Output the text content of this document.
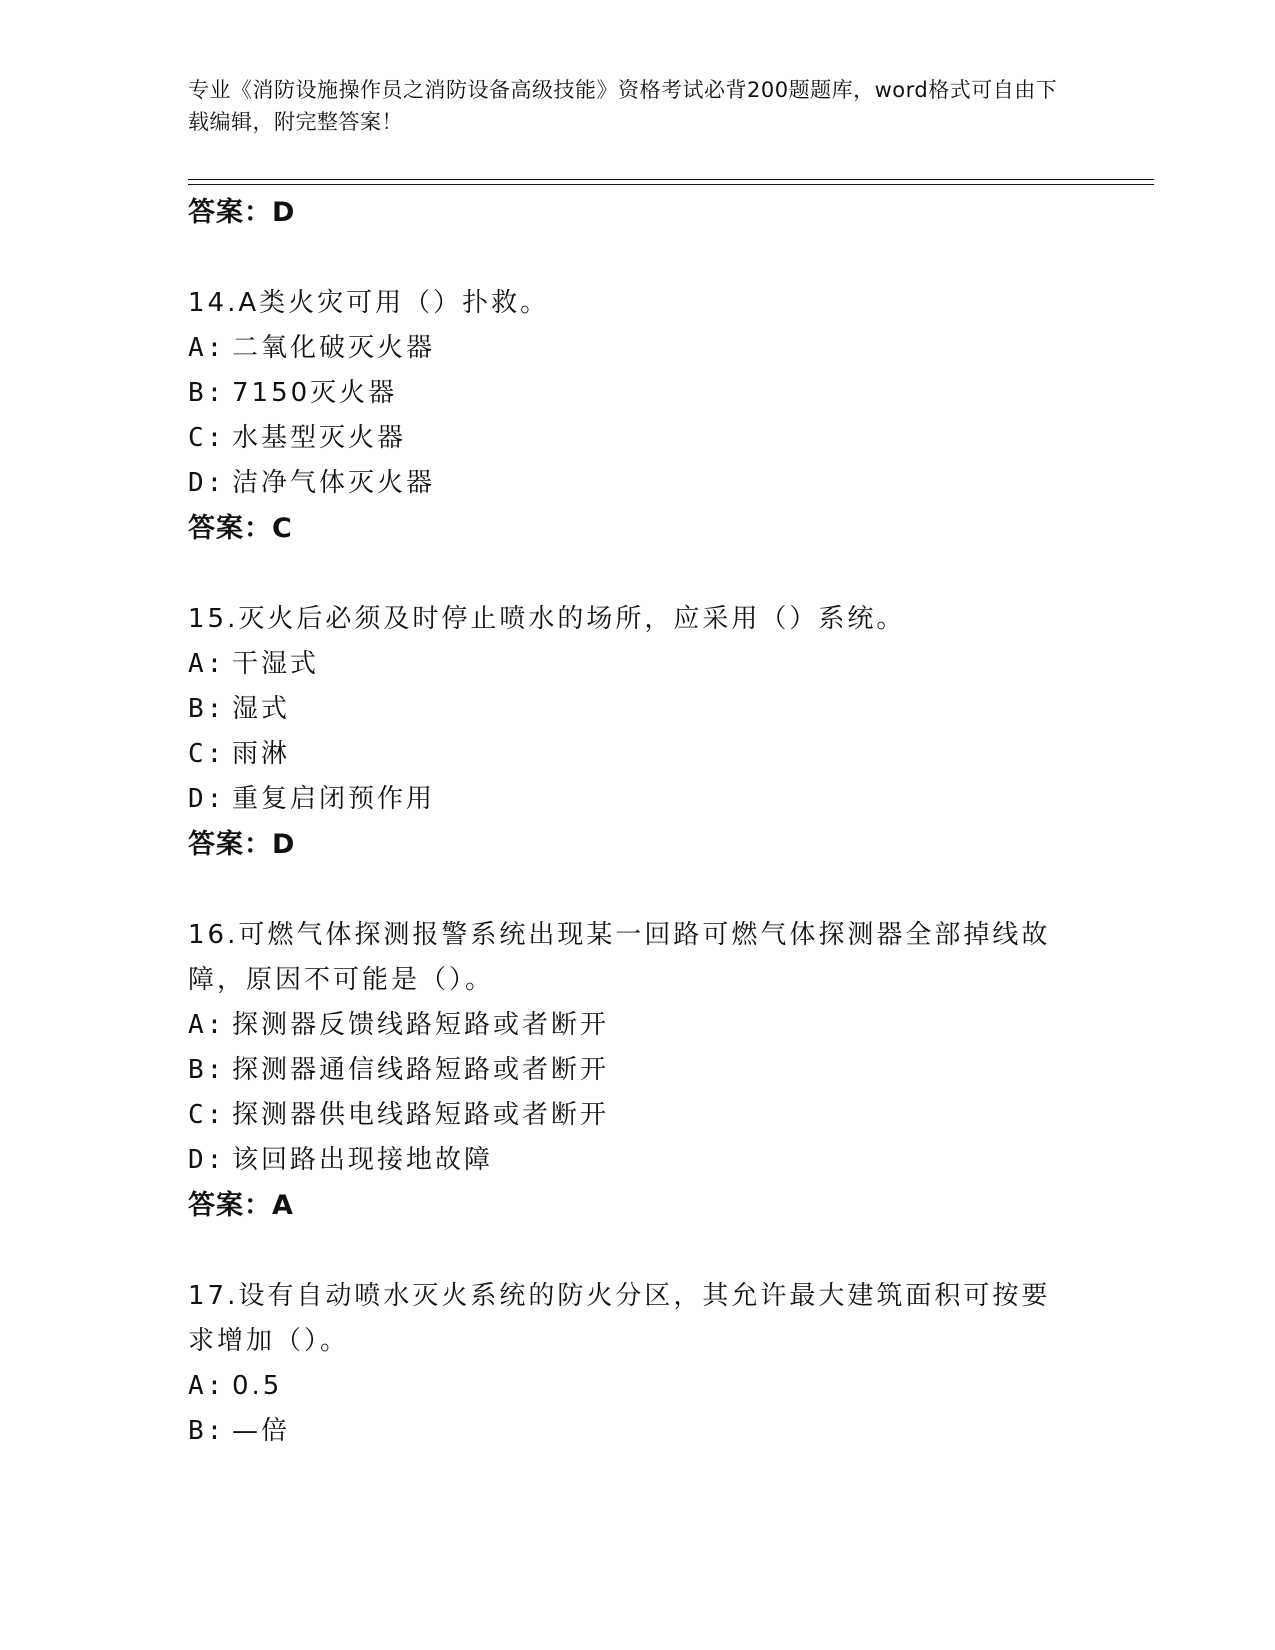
专业《消防设施操作员之消防设备高级技能》资格考试必背200题题库，word格式可自由下载编辑，附完整答案！
答案：D
14.A类火灾可用（）扑救。
A: 二氧化破灭火器
B: 7150灭火器
C: 水基型灭火器
D: 洁净气体灭火器
答案：C
15.灭火后必须及时停止喷水的场所，应采用（）系统。
A: 干湿式
B: 湿式
C: 雨淋
D: 重复启闭预作用
答案：D
16.可燃气体探测报警系统出现某一回路可燃气体探测器全部掉线故障，原因不可能是（）。
A: 探测器反馈线路短路或者断开
B: 探测器通信线路短路或者断开
C: 探测器供电线路短路或者断开
D: 该回路出现接地故障
答案：A
17.设有自动喷水灭火系统的防火分区，其允许最大建筑面积可按要求增加（）。
A: 0.5
B: —倍
